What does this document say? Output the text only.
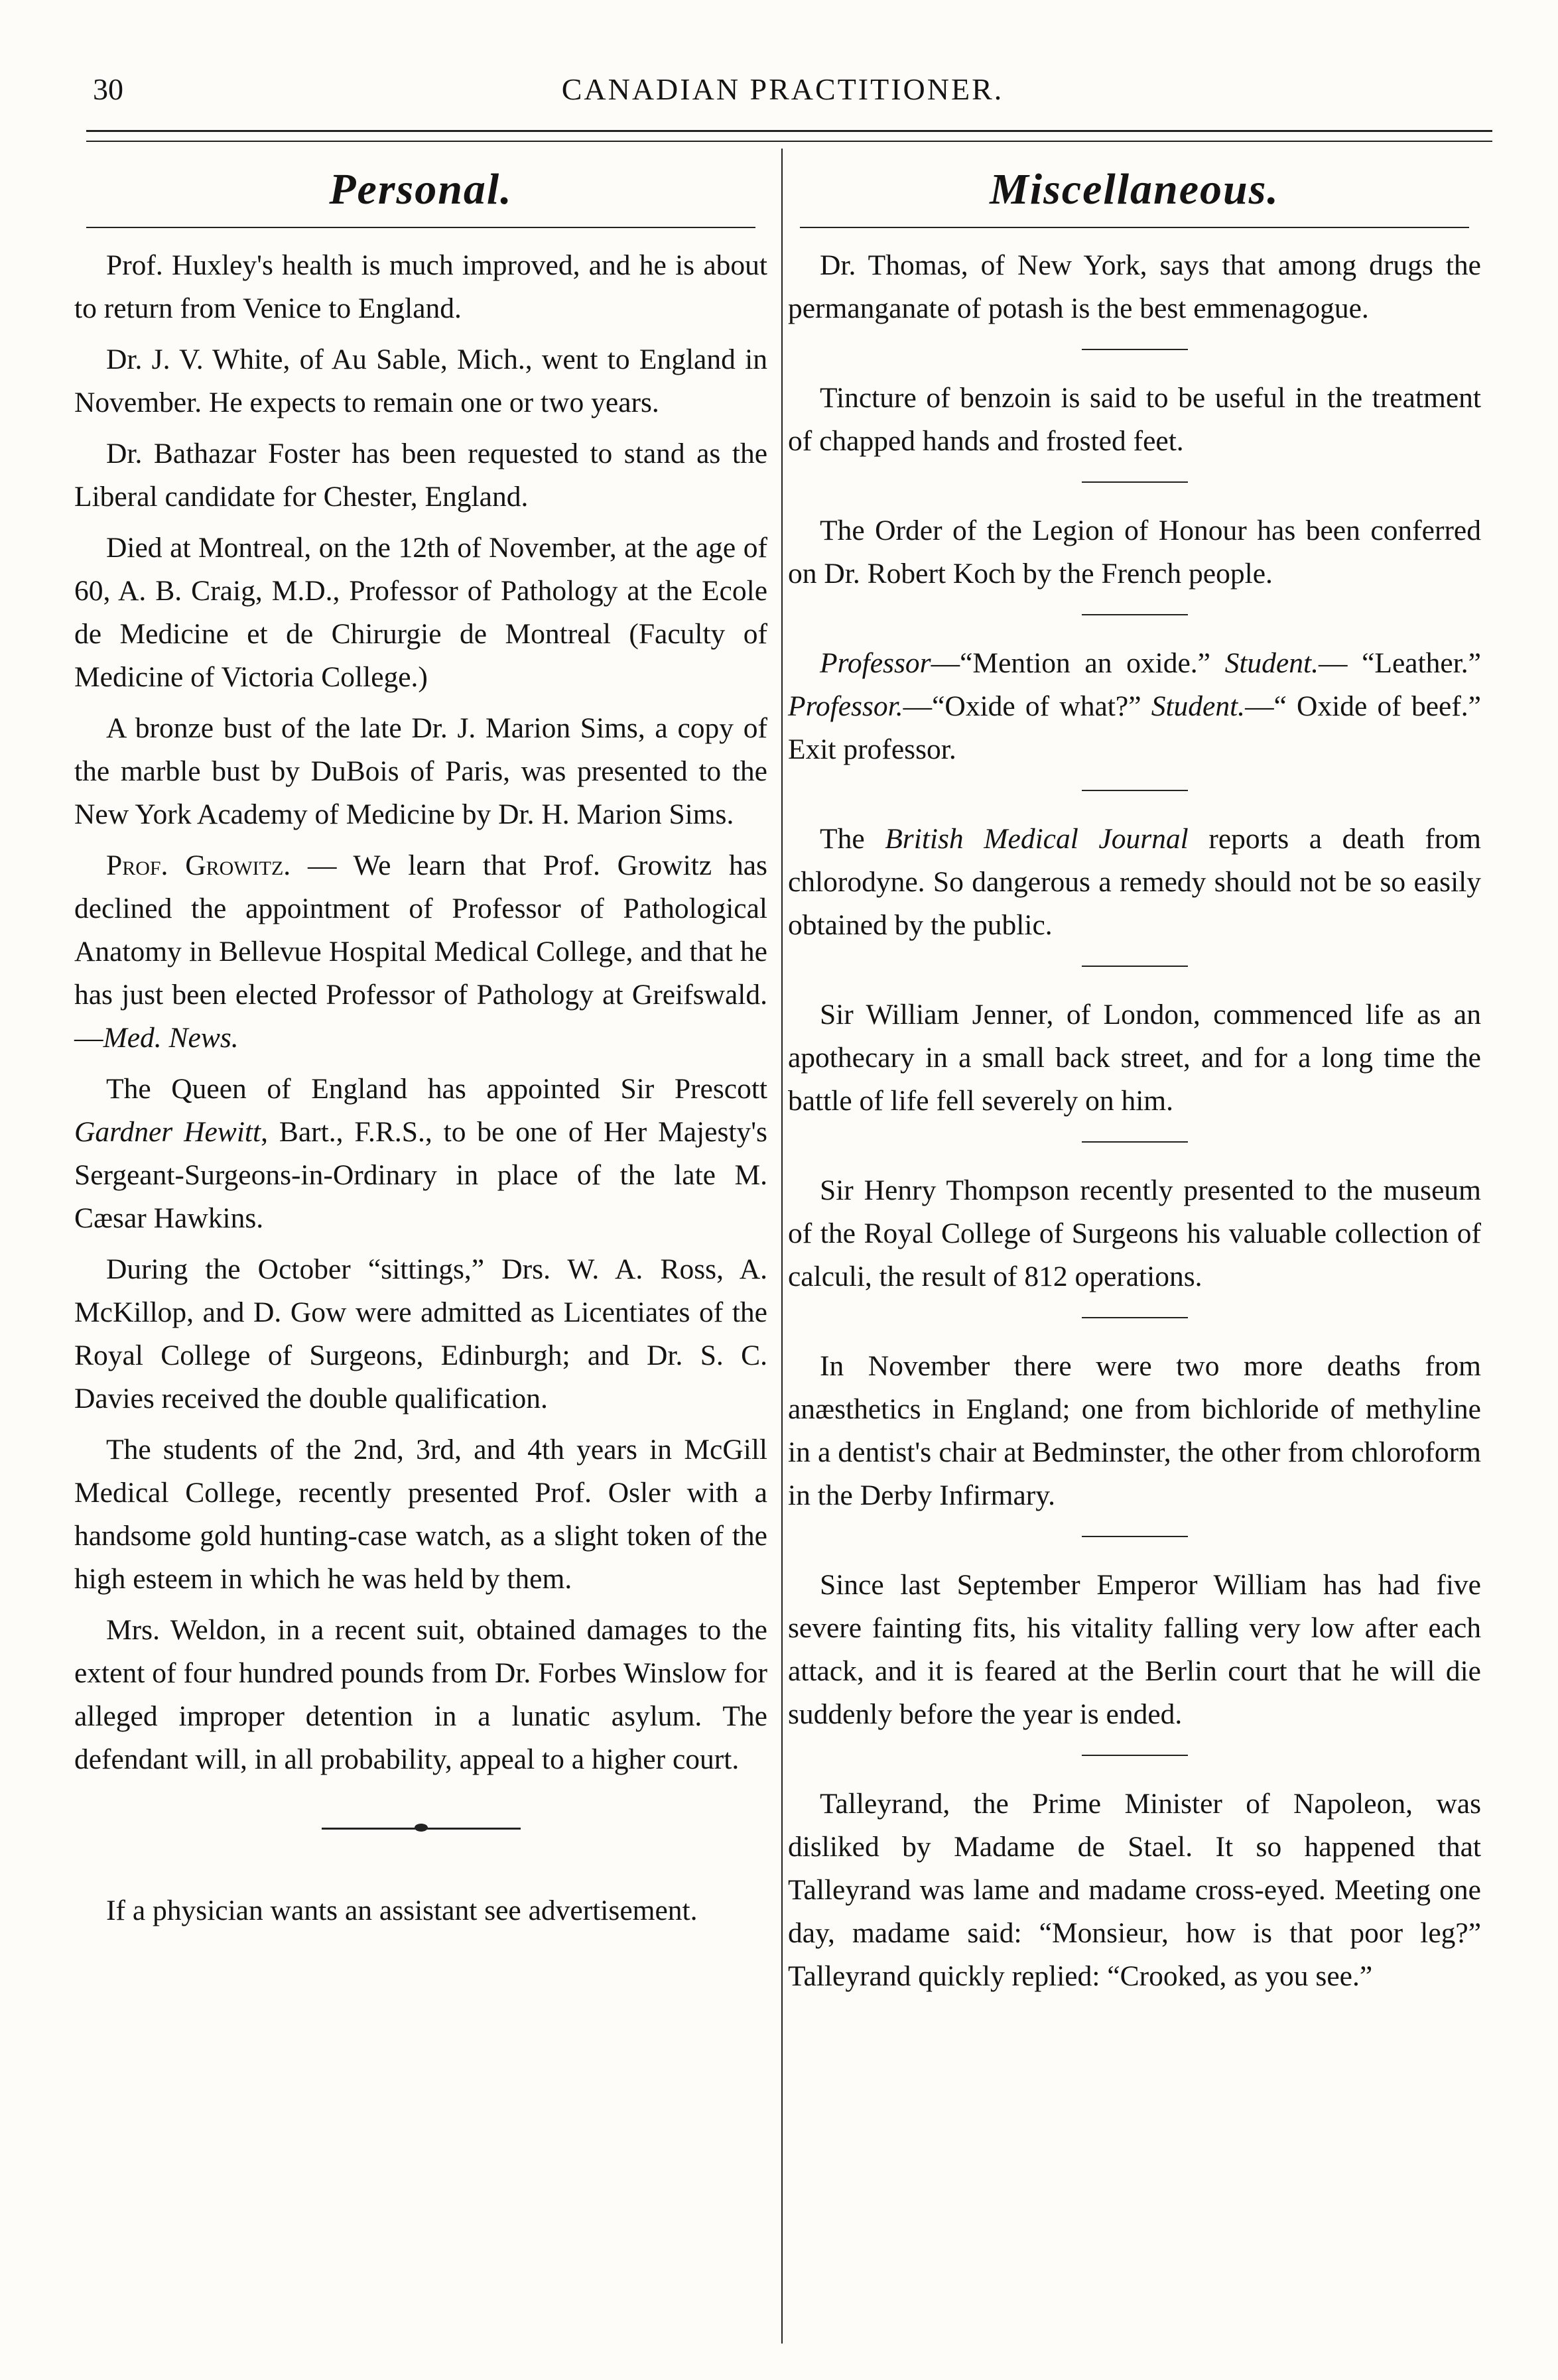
30	CANADIAN PRACTITIONER.
Personal.

Prof. Huxley's health is much improved, and he is about to return from Venice to England.

Dr. J. V. White, of Au Sable, Mich., went to England in November. He expects to remain one or two years.

Dr. Bathazar Foster has been requested to stand as the Liberal candidate for Chester, England.

Died at Montreal, on the 12th of November, at the age of 60, A. B. Craig, M.D., Professor of Pathology at the Ecole de Medicine et de Chirurgie de Montreal (Faculty of Medicine of Victoria College.)

A bronze bust of the late Dr. J. Marion Sims, a copy of the marble bust by DuBois of Paris, was presented to the New York Academy of Medicine by Dr. H. Marion Sims.

Prof. Growitz. — We learn that Prof. Growitz has declined the appointment of Professor of Pathological Anatomy in Bellevue Hospital Medical College, and that he has just been elected Professor of Pathology at Greifswald.—Med. News.

The Queen of England has appointed Sir Prescott Gardner Hewitt, Bart., F.R.S., to be one of Her Majesty's Sergeant-Surgeons-in-Ordinary in place of the late M. Cæsar Hawkins.

During the October “sittings,” Drs. W. A. Ross, A. McKillop, and D. Gow were admitted as Licentiates of the Royal College of Surgeons, Edinburgh; and Dr. S. C. Davies received the double qualification.

The students of the 2nd, 3rd, and 4th years in McGill Medical College, recently presented Prof. Osler with a handsome gold hunting-case watch, as a slight token of the high esteem in which he was held by them.

Mrs. Weldon, in a recent suit, obtained damages to the extent of four hundred pounds from Dr. Forbes Winslow for alleged improper detention in a lunatic asylum. The defendant will, in all probability, appeal to a higher court.

If a physician wants an assistant see advertisement.

Miscellaneous.

Dr. Thomas, of New York, says that among drugs the permanganate of potash is the best emmenagogue.

Tincture of benzoin is said to be useful in the treatment of chapped hands and frosted feet.

The Order of the Legion of Honour has been conferred on Dr. Robert Koch by the French people.

Professor—“Mention an oxide.” Student.— “Leather.” Professor.—“Oxide of what?” Student.—“ Oxide of beef.” Exit professor.

The British Medical Journal reports a death from chlorodyne. So dangerous a remedy should not be so easily obtained by the public.

Sir William Jenner, of London, commenced life as an apothecary in a small back street, and for a long time the battle of life fell severely on him.

Sir Henry Thompson recently presented to the museum of the Royal College of Surgeons his valuable collection of calculi, the result of 812 operations.

In November there were two more deaths from anæsthetics in England; one from bichloride of methyline in a dentist's chair at Bedminster, the other from chloroform in the Derby Infirmary.

Since last September Emperor William has had five severe fainting fits, his vitality falling very low after each attack, and it is feared at the Berlin court that he will die suddenly before the year is ended.

Talleyrand, the Prime Minister of Napoleon, was disliked by Madame de Stael. It so happened that Talleyrand was lame and madame cross-eyed. Meeting one day, madame said: “Monsieur, how is that poor leg?” Talleyrand quickly replied: “Crooked, as you see.”
